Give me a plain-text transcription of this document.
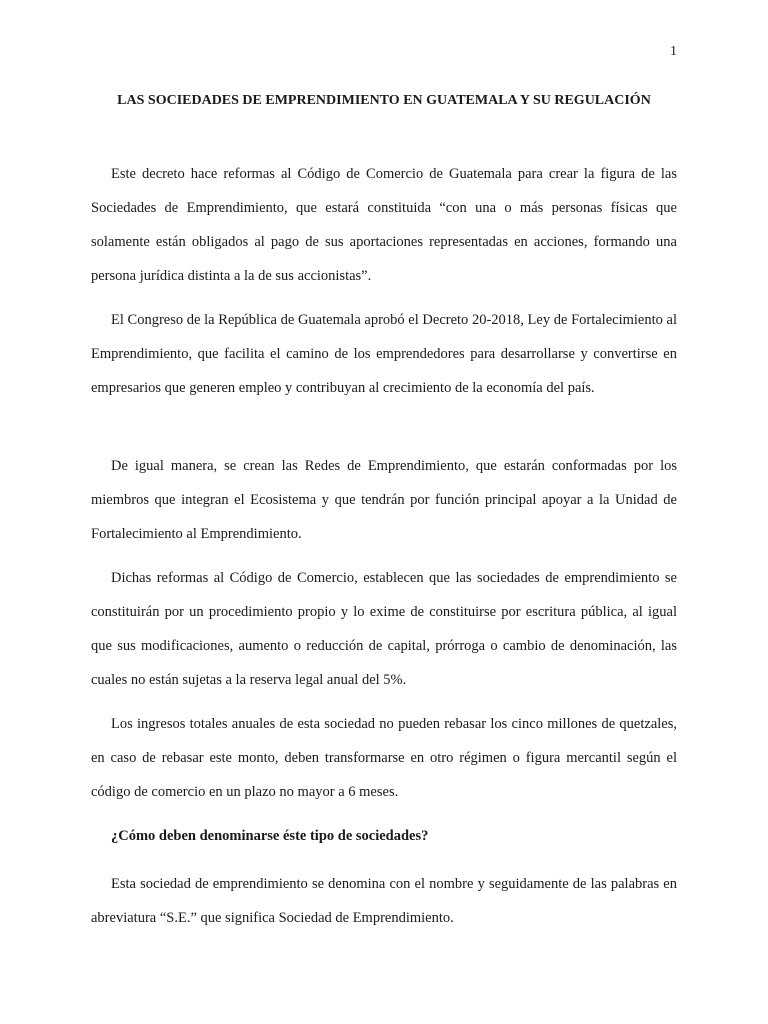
1
LAS SOCIEDADES DE EMPRENDIMIENTO EN GUATEMALA Y SU REGULACIÓN

Este decreto hace reformas al Código de Comercio de Guatemala para crear la figura de las Sociedades de Emprendimiento, que estará constituida “con una o más personas físicas que solamente están obligados al pago de sus aportaciones representadas en acciones, formando una persona jurídica distinta a la de sus accionistas”.

El Congreso de la República de Guatemala aprobó el Decreto 20-2018, Ley de Fortalecimiento al Emprendimiento, que facilita el camino de los emprendedores para desarrollarse y convertirse en empresarios que generen empleo y contribuyan al crecimiento de la economía del país.

De igual manera, se crean las Redes de Emprendimiento, que estarán conformadas por los miembros que integran el Ecosistema y que tendrán por función principal apoyar a la Unidad de Fortalecimiento al Emprendimiento.

Dichas reformas al Código de Comercio, establecen que las sociedades de emprendimiento se constituirán por un procedimiento propio y lo exime de constituirse por escritura pública, al igual que sus modificaciones, aumento o reducción de capital, prórroga o cambio de denominación, las cuales no están sujetas a la reserva legal anual del 5%.

Los ingresos totales anuales de esta sociedad no pueden rebasar los cinco millones de quetzales, en caso de rebasar este monto, deben transformarse en otro régimen o figura mercantil según el código de comercio en un plazo no mayor a 6 meses.

¿Cómo deben denominarse éste tipo de sociedades?

Esta sociedad de emprendimiento se denomina con el nombre y seguidamente de las palabras en abreviatura “S.E.” que significa Sociedad de Emprendimiento.
